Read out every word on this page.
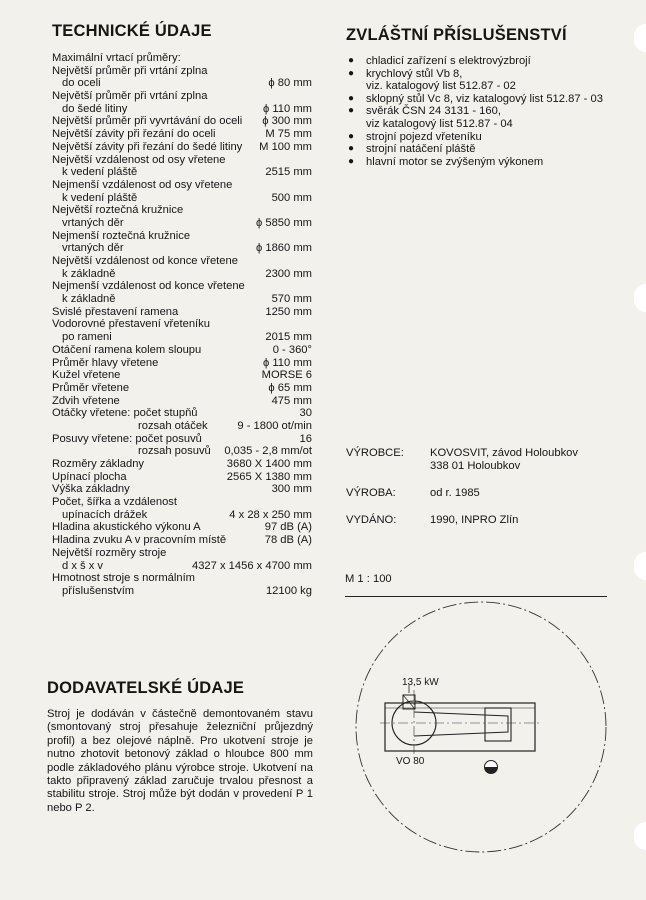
TECHNICKÉ ÚDAJE
Maximální vrtací průměry:
Největší průměr při vrtání zplna
do oceli	ϕ 80 mm
Největší průměr při vrtání zplna
do šedé litiny	ϕ 110 mm
Největší průměr při vyvrtávání do oceli ϕ 300 mm
Největší závity při řezání do oceli	M 75 mm
Největší závity při řezání do šedé litiny M 100 mm
Největší vzdálenost od osy vřetene
k vedení pláště	2515 mm
Nejmenší vzdálenost od osy vřetene
k vedení pláště	500 mm
Největší roztečná kružnice
vrtaných děr	ϕ 5850 mm
Nejmenší roztečná kružnice
vrtaných děr	ϕ 1860 mm
Největší vzdálenost od konce vřetene
k základně	2300 mm
Nejmenší vzdálenost od konce vřetene
k základně	570 mm
Svislé přestavení ramena	1250 mm
Vodorovné přestavení vřeteníku
po rameni	2015 mm
Otáčení ramena kolem sloupu	0 - 360°
Průměr hlavy vřetene	ϕ 110 mm
Kužel vřetene	MORSE 6
Průměr vřetene	ϕ 65 mm
Zdvih vřetene	475 mm
Otáčky vřetene: počet stupňů	30
rozsah otáček	9 - 1800 ot/min
Posuvy vřetene: počet posuvů	16
rozsah posuvů 0,035 - 2,8 mm/ot
Rozměry základny	3680 X 1400 mm
Upínací plocha	2565 X 1380 mm
Výška základny	300 mm
Počet, šířka a vzdálenost
upínacích drážek	4 x 28 x 250 mm
Hladina akustického výkonu A	97 dB (A)
Hladina zvuku A v pracovním místě	78 dB (A)
Největší rozměry stroje
d x š x v	4327 x 1456 x 4700 mm
Hmotnost stroje s normálním
příslušenstvím	12100 kg
DODAVATELSKÉ ÚDAJE

Stroj je dodáván v částečně demontovaném stavu (smontovaný stroj přesahuje železniční průjezdný profil) a bez olejové náplně. Pro ukotvení stroje je nutno zhotovit betonový základ o hloubce 800 mm podle základového plánu výrobce stroje. Ukotvení na takto připravený základ zaručuje trvalou přesnost a stabilitu stroje. Stroj může být dodán v provedení P 1 nebo P 2.

ZVLÁŠTNÍ PŘÍSLUŠENSTVÍ
● chladicí zařízení s elektrovýzbrojí
● krychlový stůl Vb 8,
viz. katalogový list 512.87 - 02
● sklopný stůl Vc 8, viz katalogový list 512.87 - 03
● svěrák ČSN 24 3131 - 160,
viz katalogový list 512.87 - 04
● strojní pojezd vřeteníku
● strojní natáčení pláště
● hlavní motor se zvýšeným výkonem
VÝROBCE: KOVOSVIT, závod Holoubkov
338 01 Holoubkov
VÝROBA:	od r. 1985
VYDÁNO:	1990, INPRO Zlín
M 1 : 100
13,5 kW
VO 80
